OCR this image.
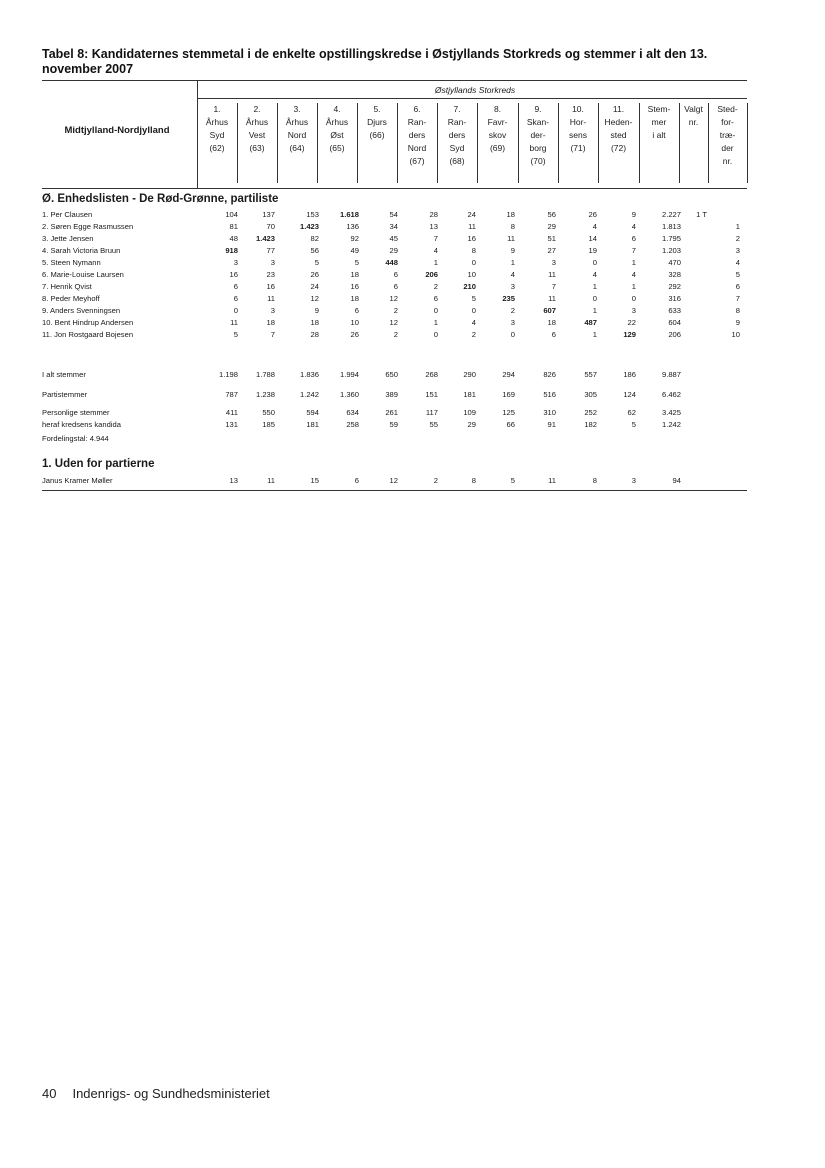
Tabel 8: Kandidaternes stemmetal i de enkelte opstillingskredse i Østjyllands Storkreds og stemmer i alt den 13. november 2007
Midtjylland-Nordjylland
Østjyllands Storkreds
1.
Århus
Syd
(62)
2.
Århus
Vest
(63)
3.
Århus
Nord
(64)
4.
Århus
Øst
(65)
5.
Djurs
(66)
6.
Ran-
ders
Nord
(67)
7.
Ran-
ders
Syd
(68)
8.
Favr-
skov
(69)
9.
Skan-
der-
borg
(70)
10.
Hor-
sens
(71)
11.
Heden-
sted
(72)
Stem-
mer
i alt
Valgt
nr.
Sted-
for-
træ-
der
nr.
Ø. Enhedslisten - De Rød-Grønne, partiliste
1. Per Clausen	104	137	153	1.618	54	28	24	18	56	26	9	2.227	1 T
2. Søren Egge Rasmussen	81	70	1.423	136	34	13	11	8	29	4	4	1.813	1
3. Jette Jensen	48	1.423	82	92	45	7	16	11	51	14	6	1.795	2
4. Sarah Victoria Bruun	918	77	56	49	29	4	8	9	27	19	7	1.203	3
5. Steen Nymann	3	3	5	5	448	1	0	1	3	0	1	470	4
6. Marie-Louise Laursen	16	23	26	18	6	206	10	4	11	4	4	328	5
7. Henrik Qvist	6	16	24	16	6	2	210	3	7	1	1	292	6
8. Peder Meyhoff	6	11	12	18	12	6	5	235	11	0	0	316	7
9. Anders Svenningsen	0	3	9	6	2	0	0	2	607	1	3	633	8
10. Bent Hindrup Andersen	11	18	18	10	12	1	4	3	18	487	22	604	9
11. Jon Rostgaard Bojesen	5	7	28	26	2	0	2	0	6	1	129	206	10
I alt stemmer	1.198	1.788	1.836	1.994	650	268	290	294	826	557	186	9.887
Partistemmer	787	1.238	1.242	1.360	389	151	181	169	516	305	124	6.462
Personlige stemmer	411	550	594	634	261	117	109	125	310	252	62	3.425
heraf kredsens kandida	131	185	181	258	59	55	29	66	91	182	5	1.242
Fordelingstal: 4.944
1. Uden for partierne
Janus Kramer Møller	13	11	15	6	12	2	8	5	11	8	3	94
40 Indenrigs- og Sundhedsministeriet
